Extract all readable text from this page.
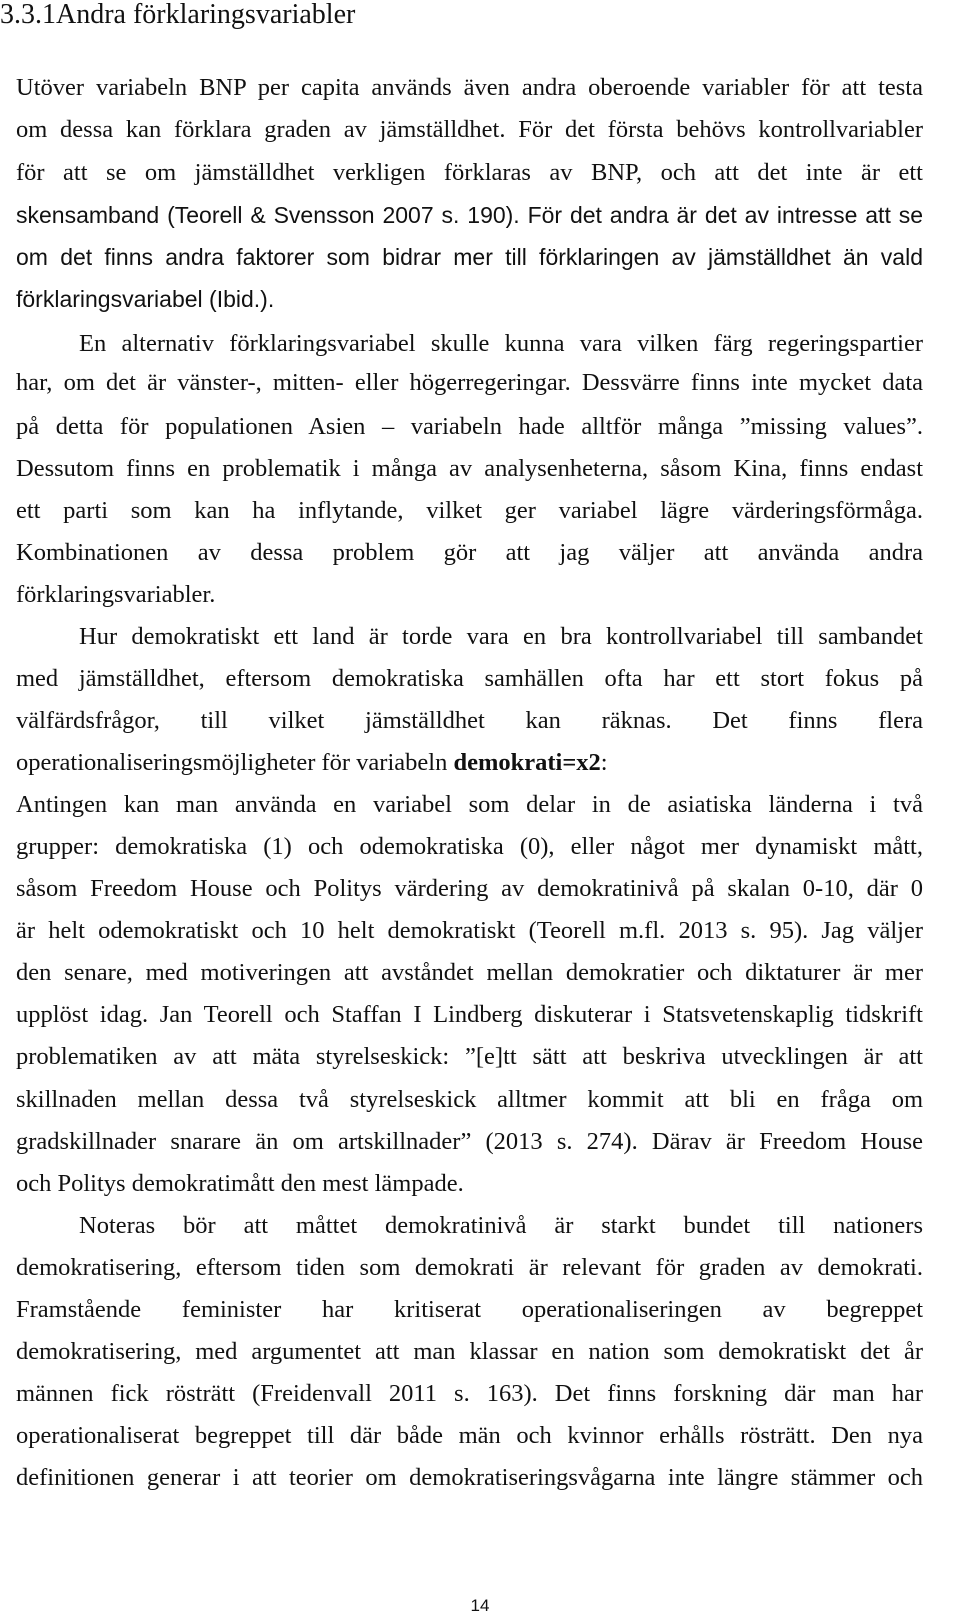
3.3.1Andra förklaringsvariabler
Utöver variabeln BNP per capita används även andra oberoende variabler för att testa
om dessa kan förklara graden av jämställdhet. För det första behövs kontrollvariabler
för att se om jämställdhet verkligen förklaras av BNP, och att det inte är ett
skensamband (Teorell & Svensson 2007 s. 190). För det andra är det av intresse att se
om det finns andra faktorer som bidrar mer till förklaringen av jämställdhet än vald
förklaringsvariabel (Ibid.).
En alternativ förklaringsvariabel skulle kunna vara vilken färg regeringspartier
har, om det är vänster-, mitten- eller högerregeringar. Dessvärre finns inte mycket data
på detta för populationen Asien – variabeln hade alltför många ”missing values”.
Dessutom finns en problematik i många av analysenheterna, såsom Kina, finns endast
ett parti som kan ha inflytande, vilket ger variabel lägre värderingsförmåga.
Kombinationen av dessa problem gör att jag väljer att använda andra
förklaringsvariabler.
Hur demokratiskt ett land är torde vara en bra kontrollvariabel till sambandet
med jämställdhet, eftersom demokratiska samhällen ofta har ett stort fokus på
välfärdsfrågor, till vilket jämställdhet kan räknas. Det finns flera
operationaliseringsmöjligheter för variabeln demokrati=x2:
Antingen kan man använda en variabel som delar in de asiatiska länderna i två
grupper: demokratiska (1) och odemokratiska (0), eller något mer dynamiskt mått,
såsom Freedom House och Politys värdering av demokratinivå på skalan 0-10, där 0
är helt odemokratiskt och 10 helt demokratiskt (Teorell m.fl. 2013 s. 95). Jag väljer
den senare, med motiveringen att avståndet mellan demokratier och diktaturer är mer
upplöst idag. Jan Teorell och Staffan I Lindberg diskuterar i Statsvetenskaplig tidskrift
problematiken av att mäta styrelseskick: ”[e]tt sätt att beskriva utvecklingen är att
skillnaden mellan dessa två styrelseskick alltmer kommit att bli en fråga om
gradskillnader snarare än om artskillnader” (2013 s. 274). Därav är Freedom House
och Politys demokratimått den mest lämpade.
Noteras bör att måttet demokratinivå är starkt bundet till nationers
demokratisering, eftersom tiden som demokrati är relevant för graden av demokrati.
Framstående feminister har kritiserat operationaliseringen av begreppet
demokratisering, med argumentet att man klassar en nation som demokratiskt det år
männen fick rösträtt (Freidenvall 2011 s. 163). Det finns forskning där man har
operationaliserat begreppet till där både män och kvinnor erhålls rösträtt. Den nya
definitionen generar i att teorier om demokratiseringsvågarna inte längre stämmer och
14
